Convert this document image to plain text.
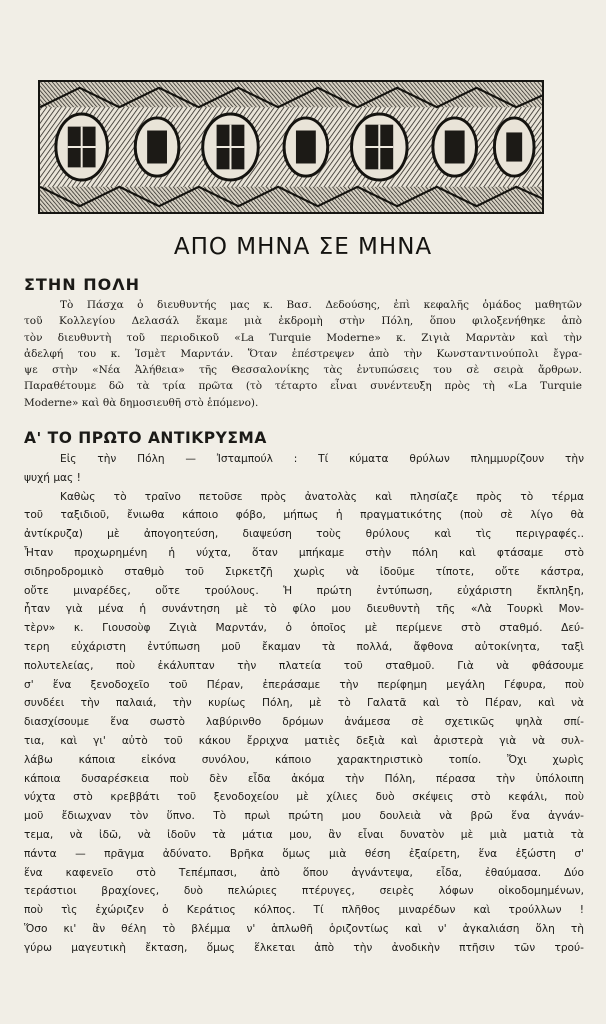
ΑΠΟ ΜΗΝΑ ΣΕ ΜΗΝΑ
ΣΤΗΝ ΠΟΛΗ
Τὸ Πάσχα ὁ διευθυντής μας κ. Βασ. Δεδούσης, ἐπὶ κεφαλῆς ὁμάδος μαθητῶν
τοῦ Κολλεγίου Δελασάλ ἔκαμε μιὰ ἐκδρομὴ στὴν Πόλη, ὅπου φιλοξενήθηκε ἀπὸ
τὸν διευθυντὴ τοῦ περιοδικοῦ «La Turquie Moderne» κ. Ζιγιὰ Μαρντὰν καὶ τὴν
ἀδελφή του κ. Ἰσμὲτ Μαρντάν. Ὅταν ἐπέστρεψεν ἀπὸ τὴν Κωνσταντινούπολι ἔγρα-
ψε στὴν «Νέα Ἀλήθεια» τῆς Θεσσαλονίκης τὰς ἐντυπώσεις του σὲ σειρὰ ἄρθρων.
Παραθέτουμε δῶ τὰ τρία πρῶτα (τὸ τέταρτο εἶναι συνέντευξη πρὸς τὴ «La Turquie
Moderne» καὶ θὰ δημοσιευθῆ στὸ ἑπόμενο).
Α' ΤΟ ΠΡΩΤΟ ΑΝΤΙΚΡΥΣΜΑ
Εἰς τὴν Πόλη — Ἰσταμπούλ : Τί κύματα θρύλων πλημμυρίζουν τὴν
ψυχή μας !
Καθὼς τὸ τραῖνο πετοῦσε πρὸς ἀνατολὰς καὶ πλησίαζε πρὸς τὸ τέρμα
τοῦ ταξιδιοῦ, ἔνιωθα κάποιο φόβο, μήπως ἡ πραγματικότης (ποὺ σὲ λίγο θὰ
ἀντίκρυζα) μὲ ἀπογοητεύση, διαψεύση τοὺς θρύλους καὶ τὶς περιγραφές..
Ἦταν προχωρημένη ἡ νύχτα, ὅταν μπήκαμε στὴν πόλη καὶ φτάσαμε στὸ
σιδηροδρομικὸ σταθμὸ τοῦ Σιρκετζῆ χωρὶς νὰ ἰδοῦμε τίποτε, οὔτε κάστρα,
οὔτε μιναρέδες, οὔτε τρούλους. Ἡ πρώτη ἐντύπωση, εὐχάριστη ἔκπληξη,
ἦταν γιὰ μένα ἡ συνάντηση μὲ τὸ φίλο μου διευθυντὴ τῆς «Λὰ Τουρκὶ Μον-
τὲρν» κ. Γιουσοὺφ Ζιγιὰ Μαρντάν, ὁ ὁποῖος μὲ περίμενε στὸ σταθμό. Δεύ-
τερη εὐχάριστη ἐντύπωση μοῦ ἔκαμαν τὰ πολλά, ἄφθονα αὐτοκίνητα, ταξὶ
πολυτελείας, ποὺ ἐκάλυπταν τὴν πλατεία τοῦ σταθμοῦ. Γιὰ νὰ φθάσουμε
σ' ἕνα ξενοδοχεῖο τοῦ Πέραν, ἐπεράσαμε τὴν περίφημη μεγάλη Γέφυρα, ποὺ
συνδέει τὴν παλαιά, τὴν κυρίως Πόλη, μὲ τὸ Γαλατᾶ καὶ τὸ Πέραν, καὶ νὰ
διασχίσουμε ἕνα σωστὸ λαβύρινθο δρόμων ἀνάμεσα σὲ σχετικῶς ψηλὰ σπί-
τια, καὶ γι' αὐτὸ τοῦ κάκου ἔρριχνα ματιὲς δεξιὰ καὶ ἀριστερὰ γιὰ νὰ συλ-
λάβω κάποια εἰκόνα συνόλου, κάποιο χαρακτηριστικὸ τοπίο. Ὄχι χωρὶς
κάποια δυσαρέσκεια ποὺ δὲν εἶδα ἀκόμα τὴν Πόλη, πέρασα τὴν ὑπόλοιπη
νύχτα στὸ κρεββάτι τοῦ ξενοδοχείου μὲ χίλιες δυὸ σκέψεις στὸ κεφάλι, ποὺ
μοῦ ἔδιωχναν τὸν ὕπνο. Τὸ πρωὶ πρώτη μου δουλειὰ νὰ βρῶ ἕνα ἀγνάν-
τεμα, νὰ ἰδῶ, νὰ ἰδοῦν τὰ μάτια μου, ἂν εἶναι δυνατὸν μὲ μιὰ ματιὰ τὰ
πάντα — πρᾶγμα ἀδύνατο. Βρῆκα ὅμως μιὰ θέση ἐξαίρετη, ἕνα ἐξώστη σ'
ἕνα καφενεῖο στὸ Τεπέμπασι, ἀπὸ ὅπου ἀγνάντεψα, εἶδα, ἐθαύμασα. Δύο
τεράστιοι βραχίονες, δυὸ πελώριες πτέρυγες, σειρὲς λόφων οἰκοδομημένων,
ποὺ τὶς ἐχώριζεν ὁ Κεράτιος κόλπος. Τί πλῆθος μιναρέδων καὶ τρούλλων !
Ὅσο κι' ἂν θέλη τὸ βλέμμα ν' ἁπλωθῆ ὁριζοντίως καὶ ν' ἀγκαλιάση ὅλη τὴ
γύρω μαγευτικὴ ἔκταση, ὅμως ἕλκεται ἀπὸ τὴν ἀνοδικὴν πτῆσιν τῶν τρού-
